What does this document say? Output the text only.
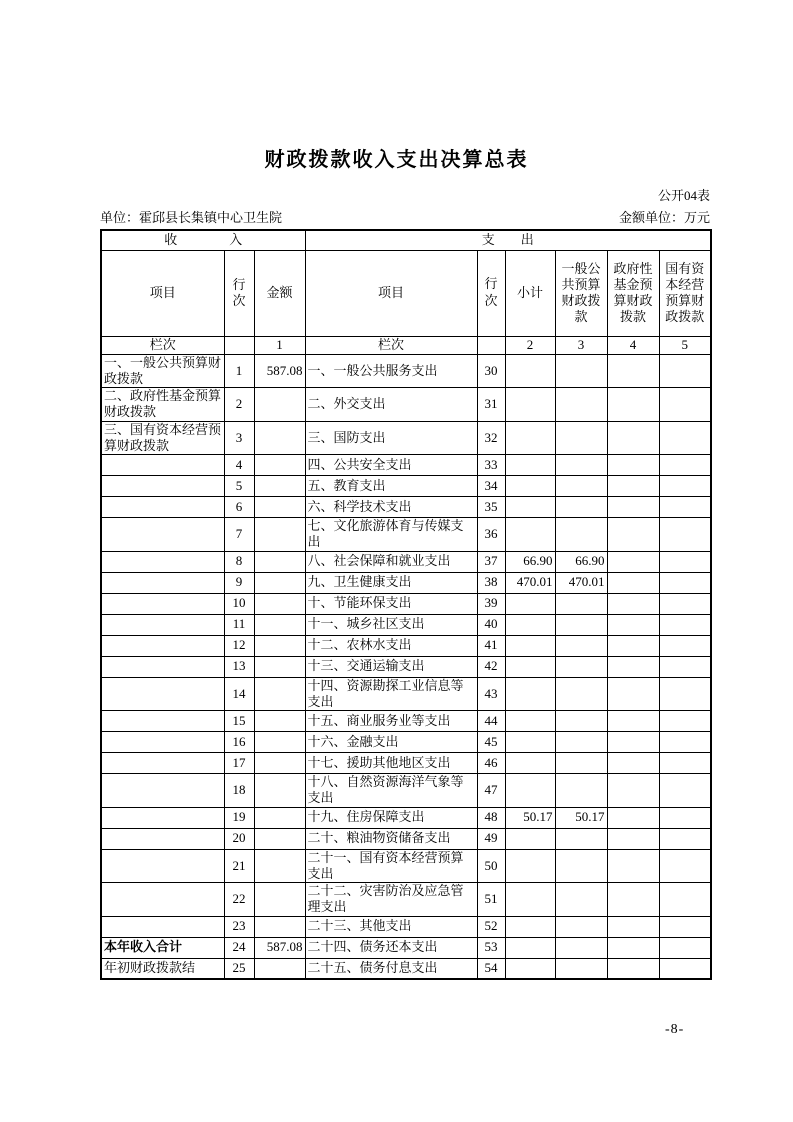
财政拨款收入支出决算总表
公开04表
单位：霍邱县长集镇中心卫生院	金额单位：万元
收　　　　入			支　　出					
项目	行次	金额	项目	行次	小计	一般公共预算财政拨款	政府性基金预算财政拨款	国有资本经营预算财政拨款
栏次		1	栏次		2	3	4	5
一、一般公共预算财政拨款	1	587.08	一、一般公共服务支出	30				
二、政府性基金预算财政拨款	2		二、外交支出	31				
三、国有资本经营预算财政拨款	3		三、国防支出	32				
	4		四、公共安全支出	33				
	5		五、教育支出	34				
	6		六、科学技术支出	35				
	7		七、文化旅游体育与传媒支出	36				
	8		八、社会保障和就业支出	37	66.90	66.90		
	9		九、卫生健康支出	38	470.01	470.01		
	10		十、节能环保支出	39				
	11		十一、城乡社区支出	40				
	12		十二、农林水支出	41				
	13		十三、交通运输支出	42				
	14		十四、资源勘探工业信息等支出	43				
	15		十五、商业服务业等支出	44				
	16		十六、金融支出	45				
	17		十七、援助其他地区支出	46				
	18		十八、自然资源海洋气象等支出	47				
	19		十九、住房保障支出	48	50.17	50.17		
	20		二十、粮油物资储备支出	49				
	21		二十一、国有资本经营预算支出	50				
	22		二十二、灾害防治及应急管理支出	51				
	23		二十三、其他支出	52				
本年收入合计	24	587.08	二十四、债务还本支出	53				
年初财政拨款结	25		二十五、债务付息支出	54				
-8-
